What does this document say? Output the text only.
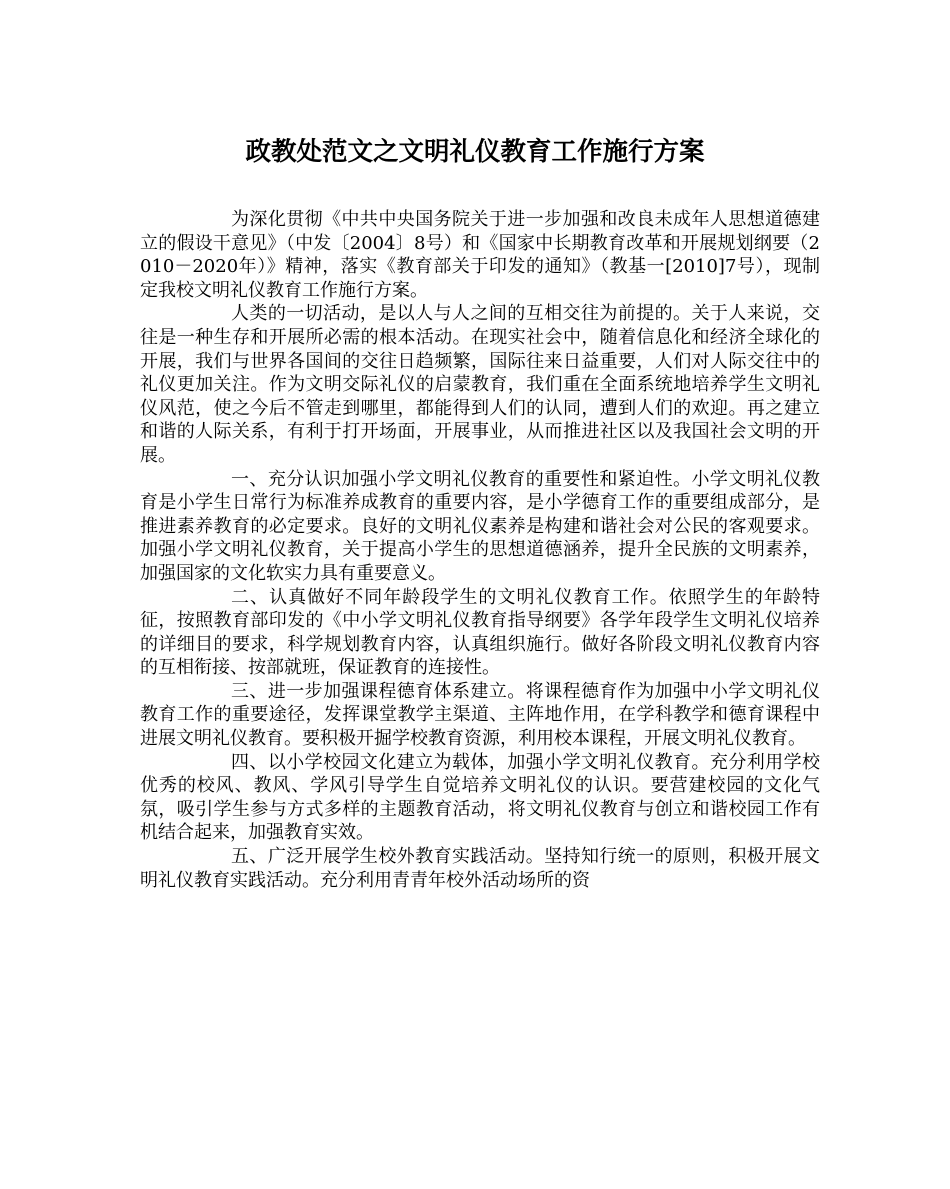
政教处范文之文明礼仪教育工作施行方案

为深化贯彻《中共中央国务院关于进一步加强和改良未成年人思想道德建立的假设干意见》（中发〔2004〕8号）和《国家中长期教育改革和开展规划纲要（2010－2020年）》精神，落实《教育部关于印发的通知》（教基一[2010]7号），现制定我校文明礼仪教育工作施行方案。

人类的一切活动，是以人与人之间的互相交往为前提的。关于人来说，交往是一种生存和开展所必需的根本活动。在现实社会中，随着信息化和经济全球化的开展，我们与世界各国间的交往日趋频繁，国际往来日益重要，人们对人际交往中的礼仪更加关注。作为文明交际礼仪的启蒙教育，我们重在全面系统地培养学生文明礼仪风范，使之今后不管走到哪里，都能得到人们的认同，遭到人们的欢迎。再之建立和谐的人际关系，有利于打开场面，开展事业，从而推进社区以及我国社会文明的开展。

一、充分认识加强小学文明礼仪教育的重要性和紧迫性。小学文明礼仪教育是小学生日常行为标准养成教育的重要内容，是小学德育工作的重要组成部分，是推进素养教育的必定要求。良好的文明礼仪素养是构建和谐社会对公民的客观要求。加强小学文明礼仪教育，关于提高小学生的思想道德涵养，提升全民族的文明素养，加强国家的文化软实力具有重要意义。

二、认真做好不同年龄段学生的文明礼仪教育工作。依照学生的年龄特征，按照教育部印发的《中小学文明礼仪教育指导纲要》各学年段学生文明礼仪培养的详细目的要求，科学规划教育内容，认真组织施行。做好各阶段文明礼仪教育内容的互相衔接、按部就班，保证教育的连接性。

三、进一步加强课程德育体系建立。将课程德育作为加强中小学文明礼仪教育工作的重要途径，发挥课堂教学主渠道、主阵地作用，在学科教学和德育课程中进展文明礼仪教育。要积极开掘学校教育资源，利用校本课程，开展文明礼仪教育。

四、以小学校园文化建立为载体，加强小学文明礼仪教育。充分利用学校优秀的校风、教风、学风引导学生自觉培养文明礼仪的认识。要营建校园的文化气氛，吸引学生参与方式多样的主题教育活动，将文明礼仪教育与创立和谐校园工作有机结合起来，加强教育实效。

五、广泛开展学生校外教育实践活动。坚持知行统一的原则，积极开展文明礼仪教育实践活动。充分利用青青年校外活动场所的资
